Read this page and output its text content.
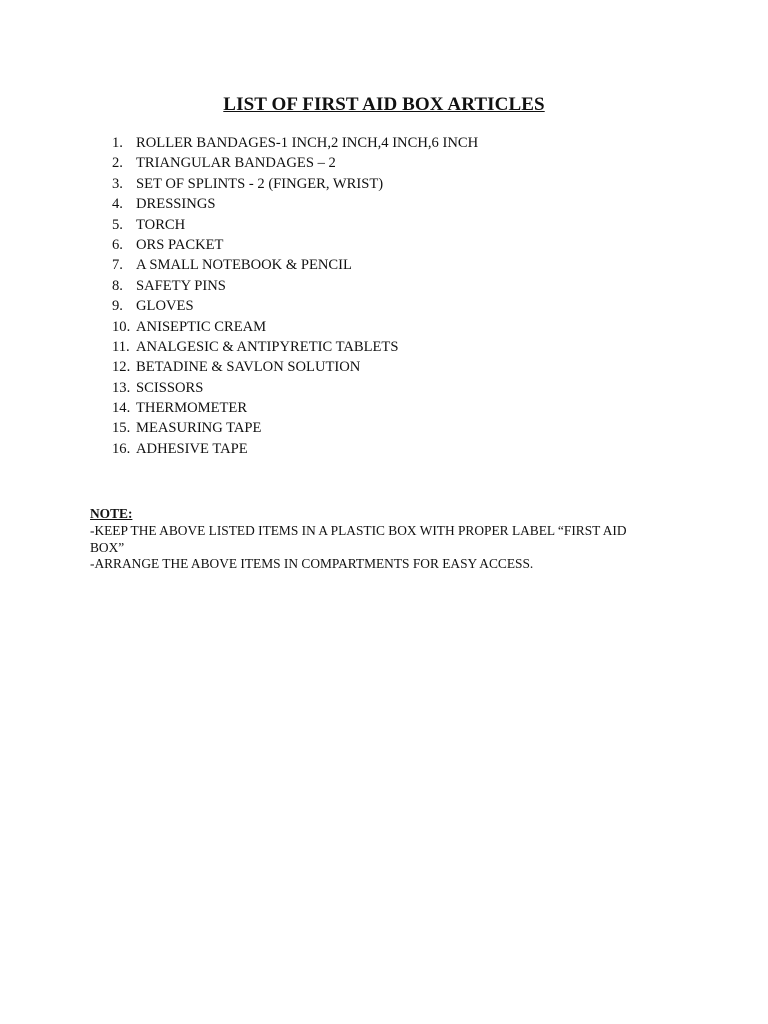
LIST OF FIRST AID BOX ARTICLES
1. ROLLER BANDAGES-1 INCH,2 INCH,4 INCH,6 INCH
2. TRIANGULAR BANDAGES – 2
3. SET OF SPLINTS - 2 (FINGER, WRIST)
4. DRESSINGS
5. TORCH
6. ORS PACKET
7. A SMALL NOTEBOOK & PENCIL
8. SAFETY PINS
9. GLOVES
10. ANISEPTIC CREAM
11. ANALGESIC & ANTIPYRETIC TABLETS
12. BETADINE & SAVLON SOLUTION
13. SCISSORS
14. THERMOMETER
15. MEASURING TAPE
16. ADHESIVE TAPE
NOTE:
-KEEP THE ABOVE LISTED ITEMS IN A PLASTIC BOX WITH PROPER LABEL “FIRST AID BOX”
-ARRANGE THE ABOVE ITEMS IN COMPARTMENTS FOR EASY ACCESS.
